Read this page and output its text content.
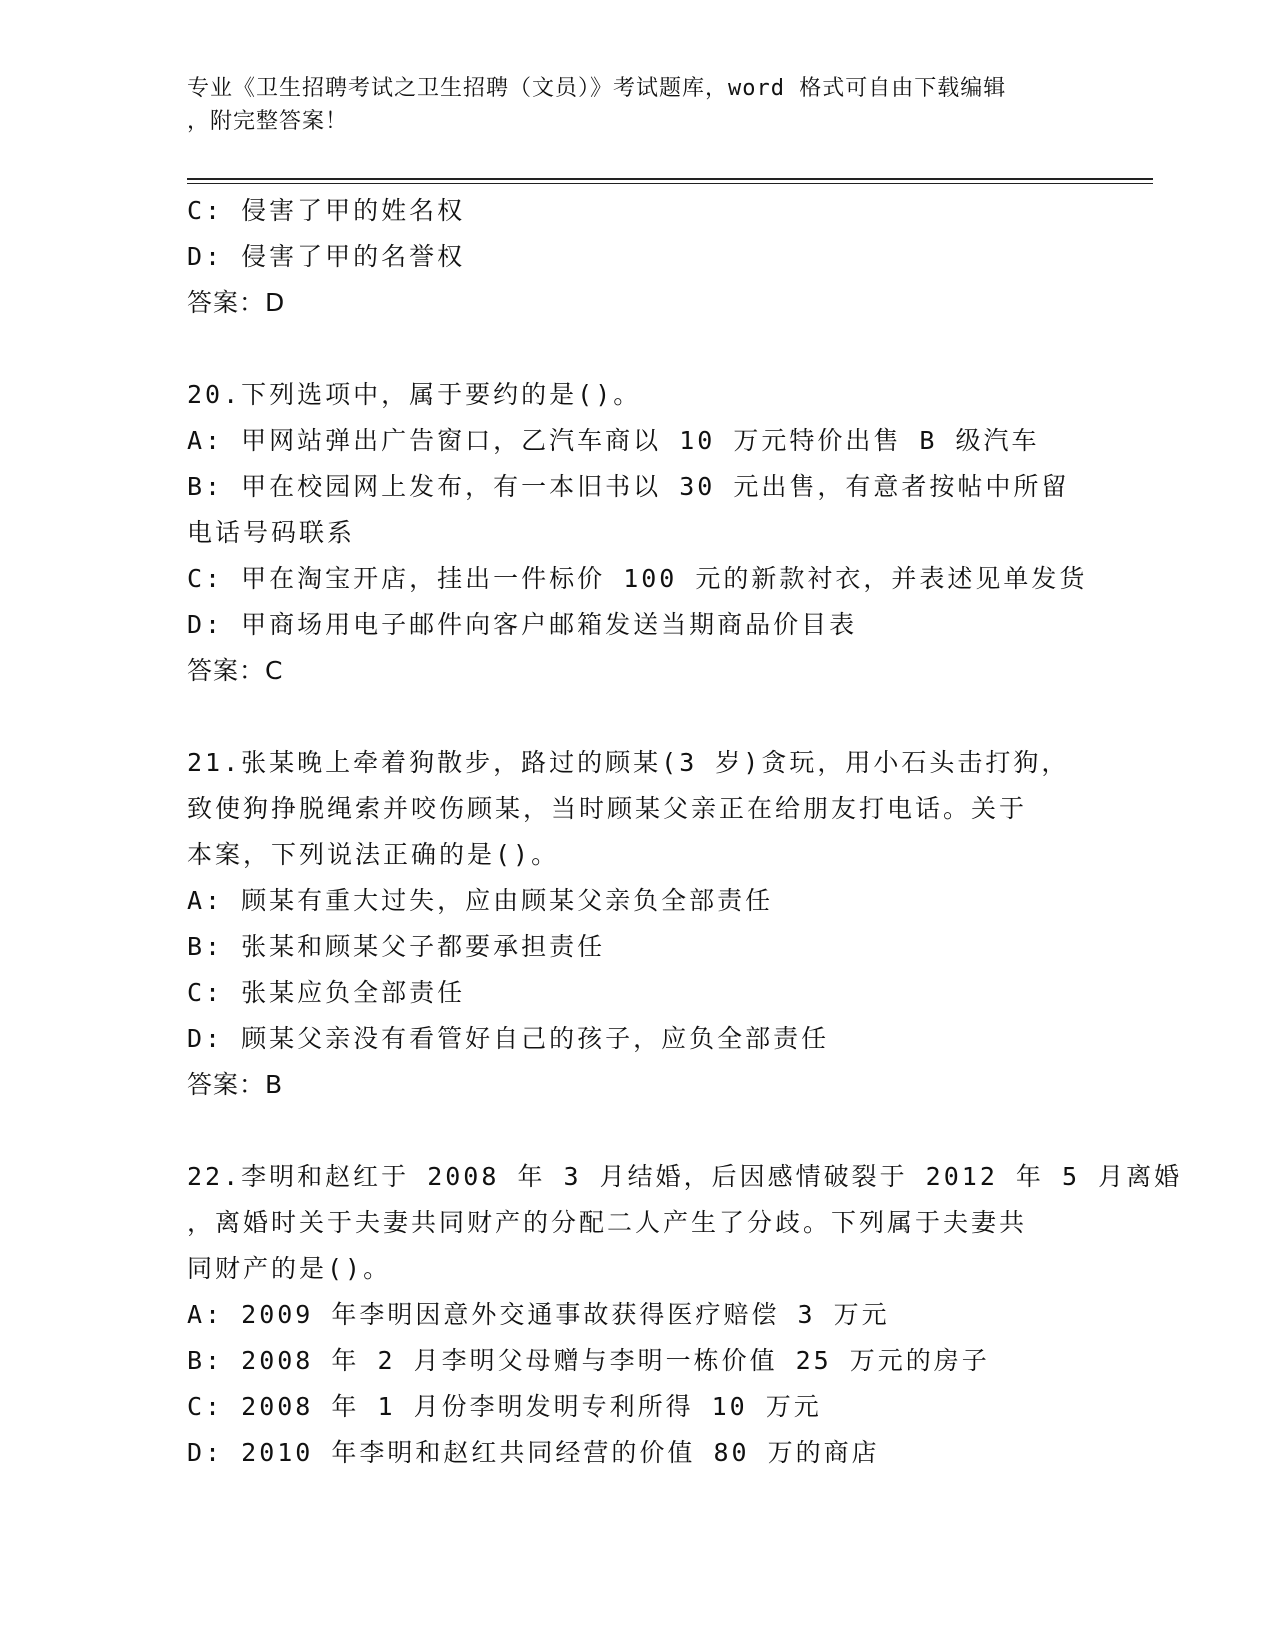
专业《卫生招聘考试之卫生招聘（文员）》考试题库，word 格式可自由下载编辑
，附完整答案！
C: 侵害了甲的姓名权
D: 侵害了甲的名誉权
答案：D
20.下列选项中，属于要约的是()。
A: 甲网站弹出广告窗口，乙汽车商以 10 万元特价出售 B 级汽车
B: 甲在校园网上发布，有一本旧书以 30 元出售，有意者按帖中所留
电话号码联系
C: 甲在淘宝开店，挂出一件标价 100 元的新款衬衣，并表述见单发货
D: 甲商场用电子邮件向客户邮箱发送当期商品价目表
答案：C
21.张某晚上牵着狗散步，路过的顾某(3 岁)贪玩，用小石头击打狗，
致使狗挣脱绳索并咬伤顾某，当时顾某父亲正在给朋友打电话。关于
本案，下列说法正确的是()。
A: 顾某有重大过失，应由顾某父亲负全部责任
B: 张某和顾某父子都要承担责任
C: 张某应负全部责任
D: 顾某父亲没有看管好自己的孩子，应负全部责任
答案：B
22.李明和赵红于 2008 年 3 月结婚，后因感情破裂于 2012 年 5 月离婚
，离婚时关于夫妻共同财产的分配二人产生了分歧。下列属于夫妻共
同财产的是()。
A: 2009 年李明因意外交通事故获得医疗赔偿 3 万元
B: 2008 年 2 月李明父母赠与李明一栋价值 25 万元的房子
C: 2008 年 1 月份李明发明专利所得 10 万元
D: 2010 年李明和赵红共同经营的价值 80 万的商店
